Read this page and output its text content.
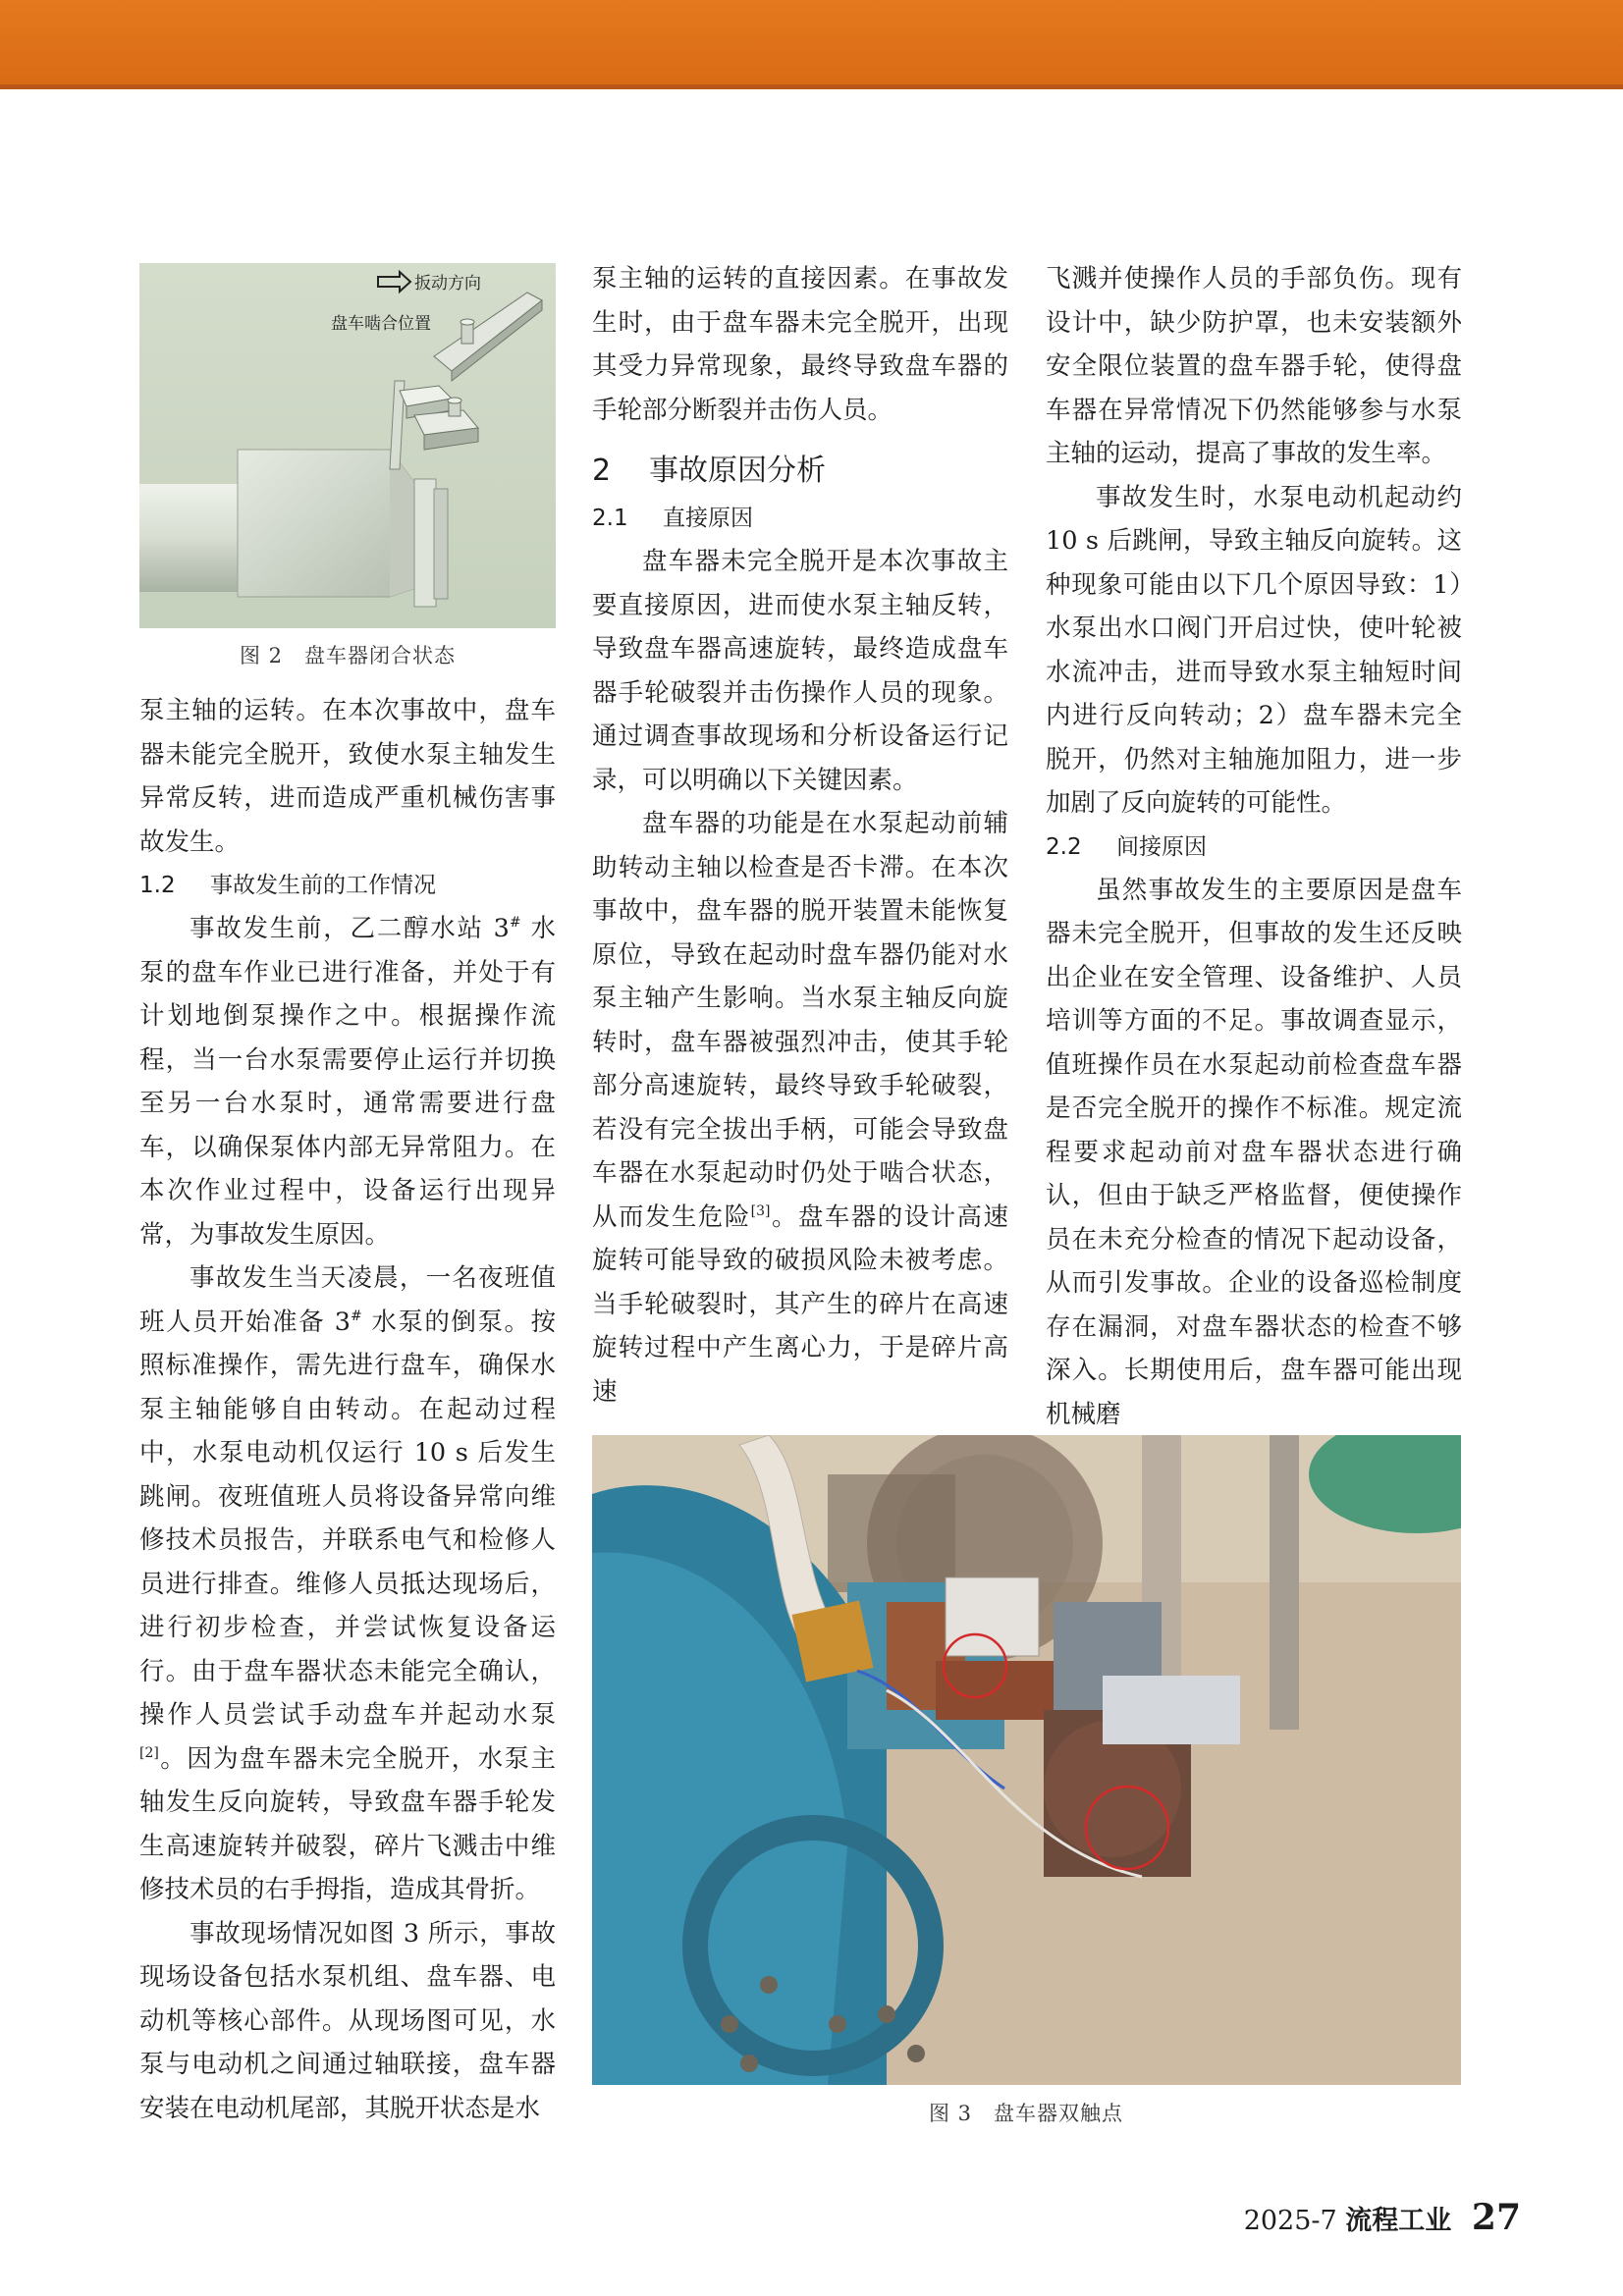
扳动方向
盘车啮合位置
图 2　盘车器闭合状态

泵主轴的运转。在本次事故中，盘车器未能完全脱开，致使水泵主轴发生异常反转，进而造成严重机械伤害事故发生。

1.2 事故发生前的工作情况

事故发生前，乙二醇水站 3# 水泵的盘车作业已进行准备，并处于有计划地倒泵操作之中。根据操作流程，当一台水泵需要停止运行并切换至另一台水泵时，通常需要进行盘车，以确保泵体内部无异常阻力。在本次作业过程中，设备运行出现异常，为事故发生原因。

事故发生当天凌晨，一名夜班值班人员开始准备 3# 水泵的倒泵。按照标准操作，需先进行盘车，确保水泵主轴能够自由转动。在起动过程中，水泵电动机仅运行 10 s 后发生跳闸。夜班值班人员将设备异常向维修技术员报告，并联系电气和检修人员进行排查。维修人员抵达现场后，进行初步检查，并尝试恢复设备运行。由于盘车器状态未能完全确认，操作人员尝试手动盘车并起动水泵[2]。因为盘车器未完全脱开，水泵主轴发生反向旋转，导致盘车器手轮发生高速旋转并破裂，碎片飞溅击中维修技术员的右手拇指，造成其骨折。

事故现场情况如图 3 所示，事故现场设备包括水泵机组、盘车器、电动机等核心部件。从现场图可见，水泵与电动机之间通过轴联接，盘车器安装在电动机尾部，其脱开状态是水

泵主轴的运转的直接因素。在事故发生时，由于盘车器未完全脱开，出现其受力异常现象，最终导致盘车器的手轮部分断裂并击伤人员。

2 事故原因分析
2.1 直接原因

盘车器未完全脱开是本次事故主要直接原因，进而使水泵主轴反转，导致盘车器高速旋转，最终造成盘车器手轮破裂并击伤操作人员的现象。通过调查事故现场和分析设备运行记录，可以明确以下关键因素。

盘车器的功能是在水泵起动前辅助转动主轴以检查是否卡滞。在本次事故中，盘车器的脱开装置未能恢复原位，导致在起动时盘车器仍能对水泵主轴产生影响。当水泵主轴反向旋转时，盘车器被强烈冲击，使其手轮部分高速旋转，最终导致手轮破裂，若没有完全拔出手柄，可能会导致盘车器在水泵起动时仍处于啮合状态，从而发生危险[3]。盘车器的设计高速旋转可能导致的破损风险未被考虑。当手轮破裂时，其产生的碎片在高速旋转过程中产生离心力，于是碎片高速

飞溅并使操作人员的手部负伤。现有设计中，缺少防护罩，也未安装额外安全限位装置的盘车器手轮，使得盘车器在异常情况下仍然能够参与水泵主轴的运动，提高了事故的发生率。

事故发生时，水泵电动机起动约 10 s 后跳闸，导致主轴反向旋转。这种现象可能由以下几个原因导致：1）水泵出水口阀门开启过快，使叶轮被水流冲击，进而导致水泵主轴短时间内进行反向转动；2）盘车器未完全脱开，仍然对主轴施加阻力，进一步加剧了反向旋转的可能性。

2.2 间接原因

虽然事故发生的主要原因是盘车器未完全脱开，但事故的发生还反映出企业在安全管理、设备维护、人员培训等方面的不足。事故调查显示，值班操作员在水泵起动前检查盘车器是否完全脱开的操作不标准。规定流程要求起动前对盘车器状态进行确认，但由于缺乏严格监督，便使操作员在未充分检查的情况下起动设备，从而引发事故。企业的设备巡检制度存在漏洞，对盘车器状态的检查不够深入。长期使用后，盘车器可能出现机械磨

图 3　盘车器双触点
2025-7 流程工业 27
